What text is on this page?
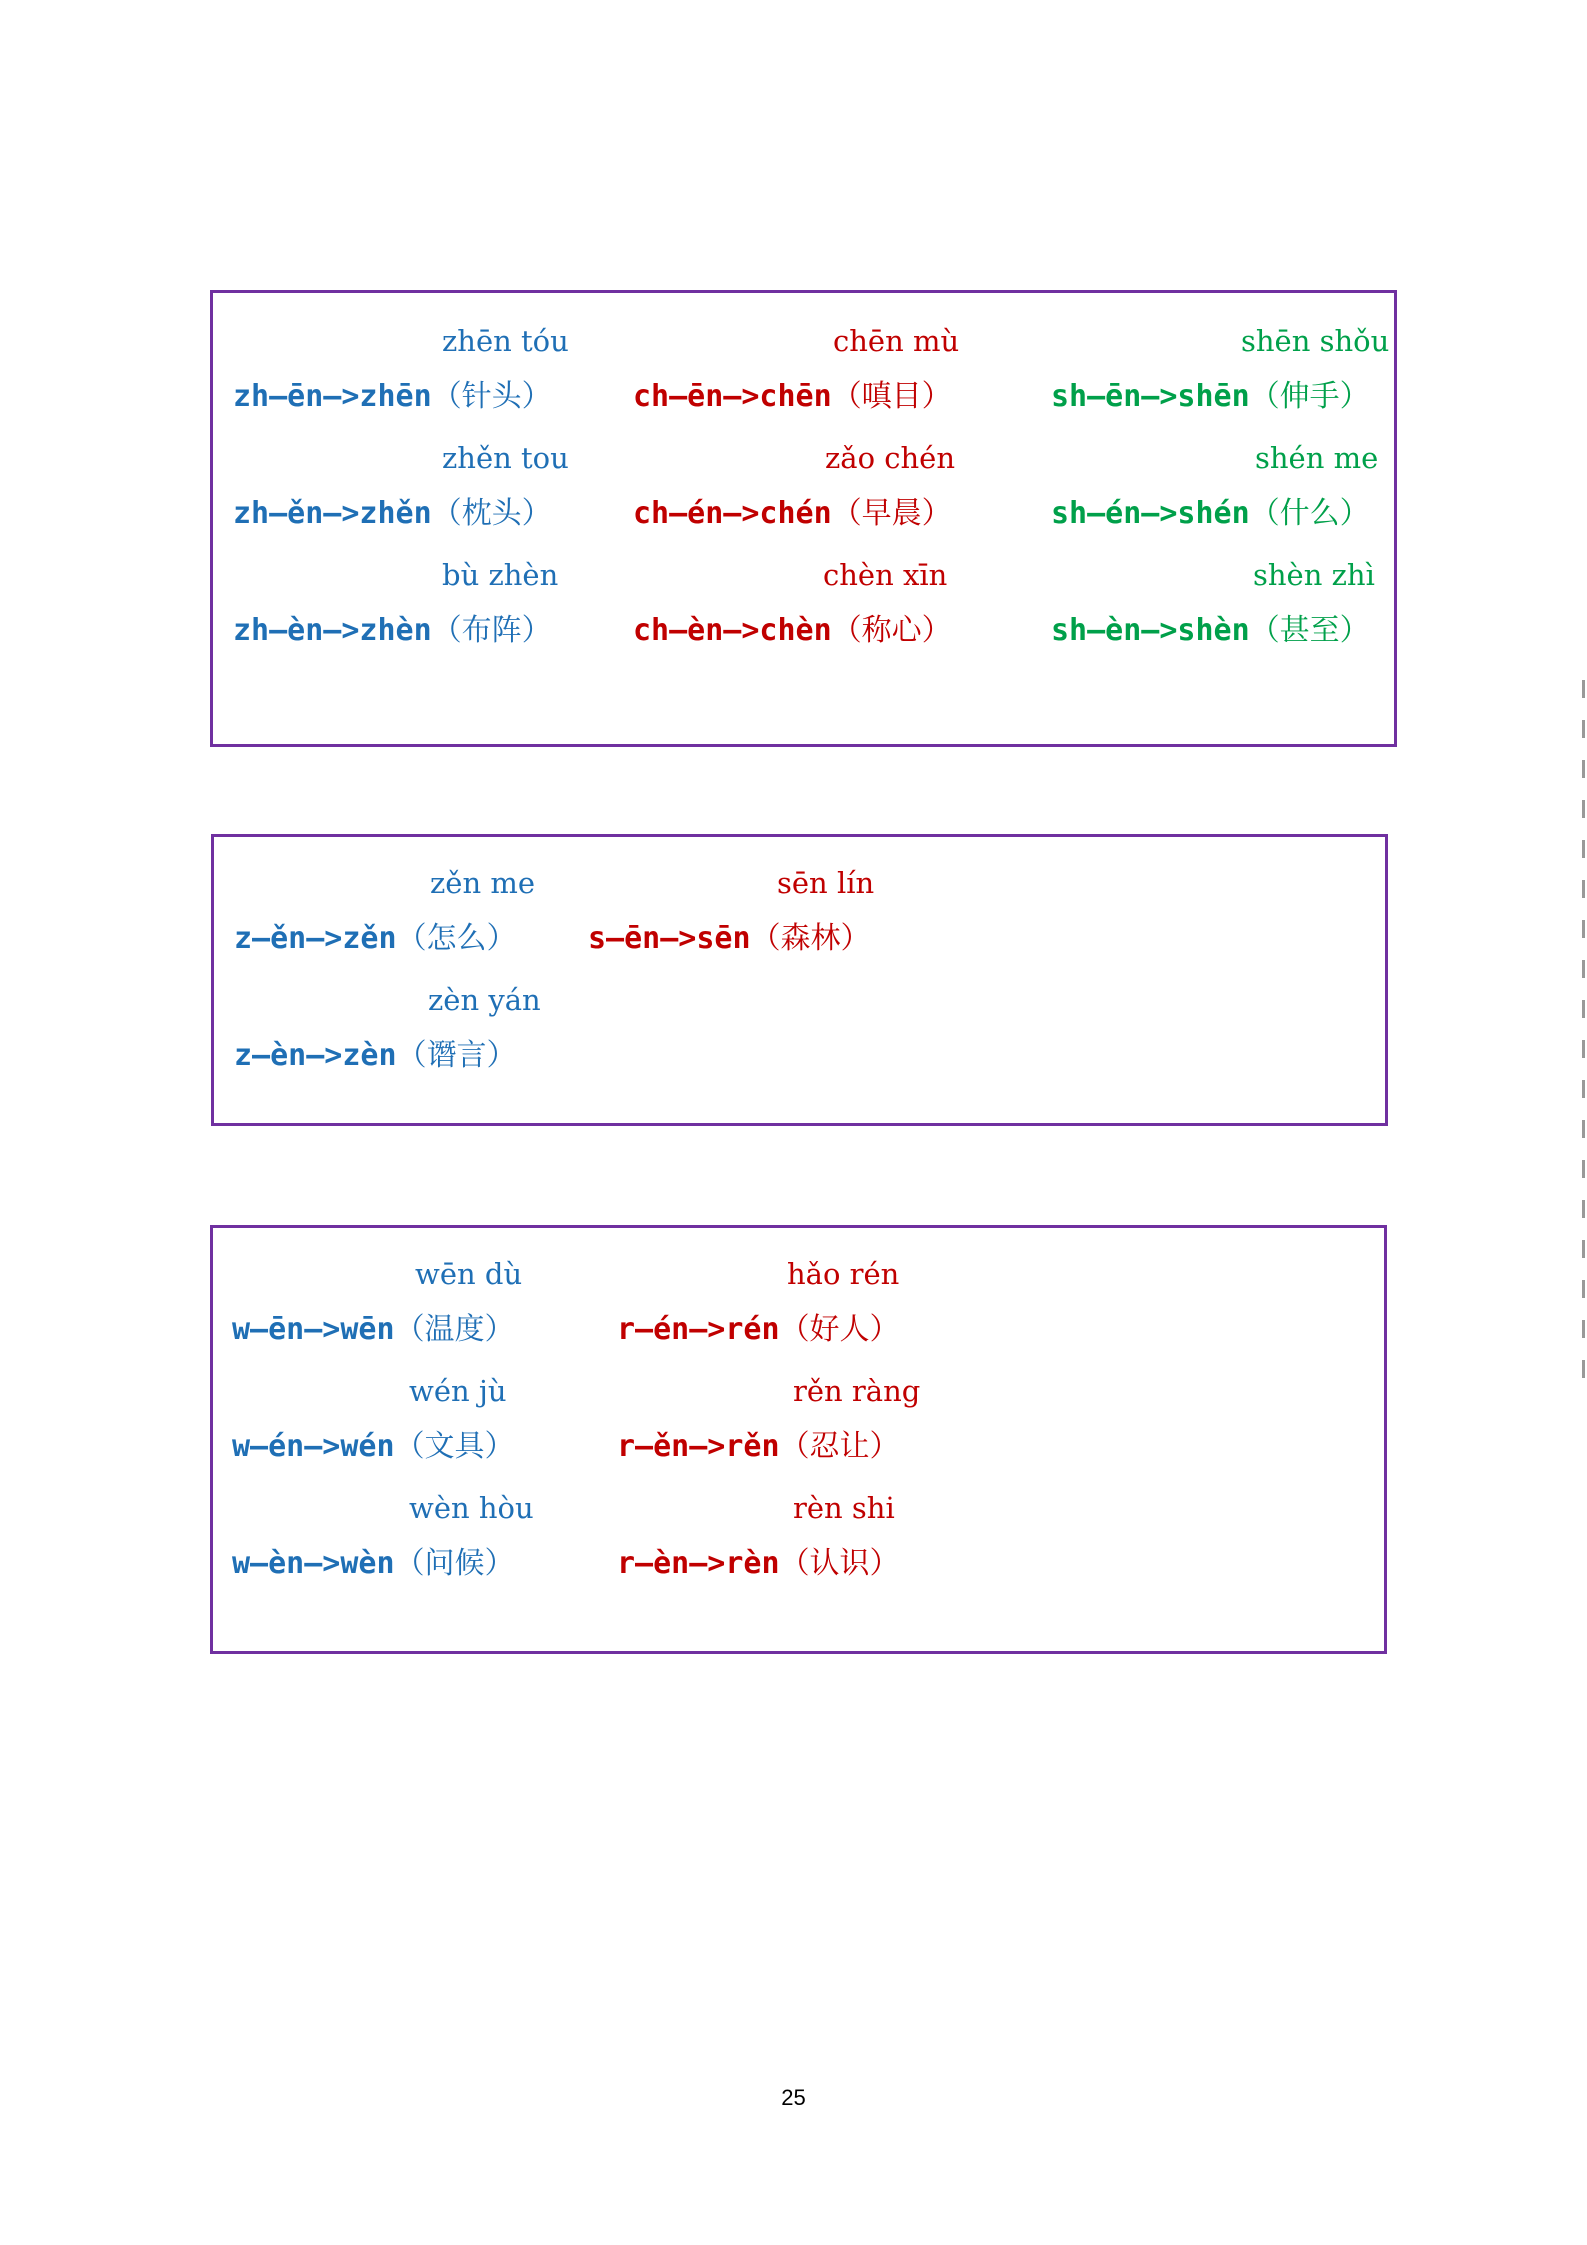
zhēn tóu
zh—ēn—>zhēn（针头）
zhěn tou
zh—ěn—>zhěn（枕头）
bù zhèn
zh—èn—>zhèn（布阵）
chēn mù
ch—ēn—>chēn（嗔目）
zǎo chén
ch—én—>chén（早晨）
chèn xīn
ch—èn—>chèn（称心）
shēn shǒu
sh—ēn—>shēn（伸手）
shén me
sh—én—>shén（什么）
shèn zhì
sh—èn—>shèn（甚至）
zěn me
z—ěn—>zěn（怎么）
zèn yán
z—èn—>zèn（谮言）
sēn lín
s—ēn—>sēn（森林）
wēn dù
w—ēn—>wēn（温度）
wén jù
w—én—>wén（文具）
wèn hòu
w—èn—>wèn（问候）
hǎo rén
r—én—>rén（好人）
rěn ràng
r—ěn—>rěn（忍让）
rèn shi
r—èn—>rèn（认识）
25
